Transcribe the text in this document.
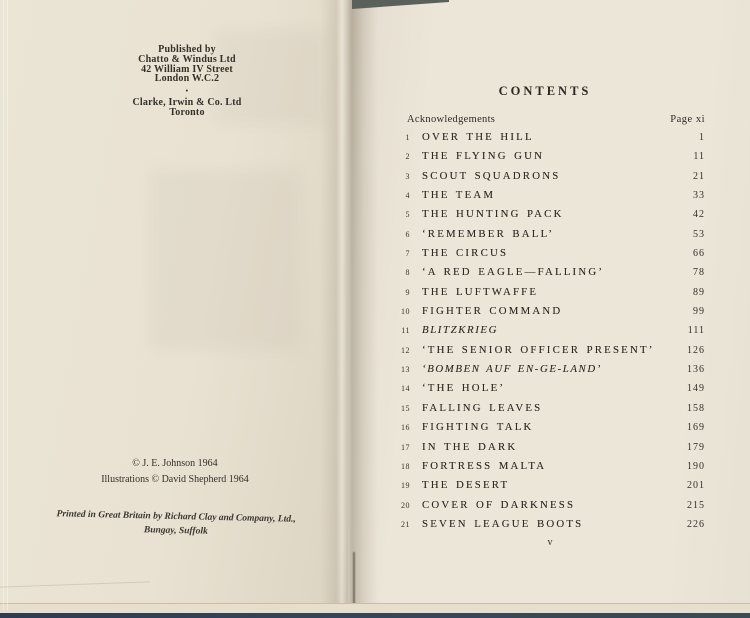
Published by
Chatto & Windus Ltd
42 William IV Street
London W.C.2
•
Clarke, Irwin & Co. Ltd
Toronto
© J. E. Johnson 1964
Illustrations © David Shepherd 1964
Printed in Great Britain by Richard Clay and Company, Ltd.,
Bungay, Suffolk
CONTENTS
Acknowledgements	Page xi
1 OVER THE HILL	1
2 THE FLYING GUN	11
3 SCOUT SQUADRONS	21
4 THE TEAM	33
5 THE HUNTING PACK	42
6 ‘REMEMBER BALL’	53
7 THE CIRCUS	66
8 ‘A RED EAGLE—FALLING’	78
9 THE LUFTWAFFE	89
10 FIGHTER COMMAND	99
11 BLITZKRIEG	111
12 ‘THE SENIOR OFFICER PRESENT’	126
13 ‘BOMBEN AUF EN-GE-LAND’	136
14 ‘THE HOLE’	149
15 FALLING LEAVES	158
16 FIGHTING TALK	169
17 IN THE DARK	179
18 FORTRESS MALTA	190
19 THE DESERT	201
20 COVER OF DARKNESS	215
21 SEVEN LEAGUE BOOTS	226
v
